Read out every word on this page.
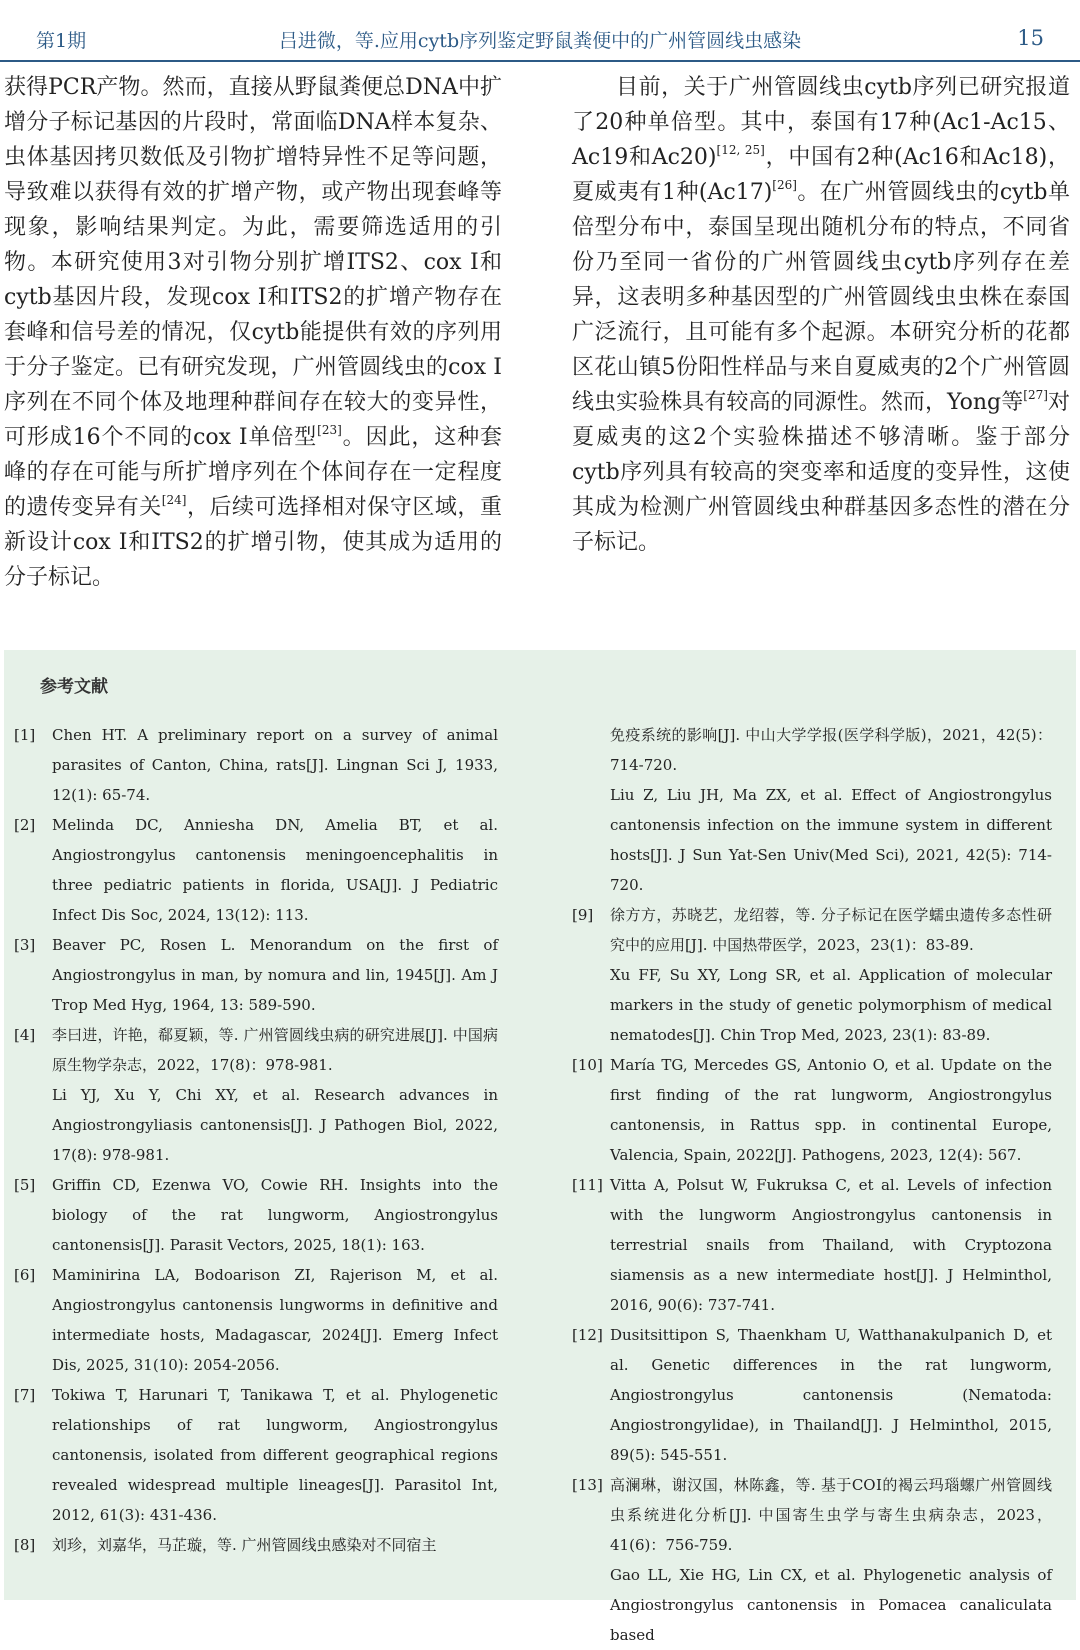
第1期	吕进微，等.应用cytb序列鉴定野鼠粪便中的广州管圆线虫感染	15

获得PCR产物。然而，直接从野鼠粪便总DNA中扩增分子标记基因的片段时，常面临DNA样本复杂、虫体基因拷贝数低及引物扩增特异性不足等问题，导致难以获得有效的扩增产物，或产物出现套峰等现象，影响结果判定。为此，需要筛选适用的引物。本研究使用3对引物分别扩增ITS2、cox I和cytb基因片段，发现cox I和ITS2的扩增产物存在套峰和信号差的情况，仅cytb能提供有效的序列用于分子鉴定。已有研究发现，广州管圆线虫的cox I序列在不同个体及地理种群间存在较大的变异性，可形成16个不同的cox I单倍型[23]。因此，这种套峰的存在可能与所扩增序列在个体间存在一定程度的遗传变异有关[24]，后续可选择相对保守区域，重新设计cox I和ITS2的扩增引物，使其成为适用的分子标记。

目前，关于广州管圆线虫cytb序列已研究报道了20种单倍型。其中，泰国有17种(Ac1-Ac15、Ac19和Ac20)[12, 25]，中国有2种(Ac16和Ac18)，夏威夷有1种(Ac17)[26]。在广州管圆线虫的cytb单倍型分布中，泰国呈现出随机分布的特点，不同省份乃至同一省份的广州管圆线虫cytb序列存在差异，这表明多种基因型的广州管圆线虫虫株在泰国广泛流行，且可能有多个起源。本研究分析的花都区花山镇5份阳性样品与来自夏威夷的2个广州管圆线虫实验株具有较高的同源性。然而，Yong等[27]对夏威夷的这2个实验株描述不够清晰。鉴于部分cytb序列具有较高的突变率和适度的变异性，这使其成为检测广州管圆线虫种群基因多态性的潜在分子标记。

参考文献
[1]	Chen HT. A preliminary report on a survey of animal parasites of Canton, China, rats[J]. Lingnan Sci J, 1933, 12(1): 65-74.
[2]	Melinda DC, Anniesha DN, Amelia BT, et al. Angiostrongylus cantonensis meningoencephalitis in three pediatric patients in florida, USA[J]. J Pediatric Infect Dis Soc, 2024, 13(12): 113.
[3]	Beaver PC, Rosen L. Menorandum on the first of Angiostrongylus in man, by nomura and lin, 1945[J]. Am J Trop Med Hyg, 1964, 13: 589-590.
[4]	李曰进，许艳，郗夏颖，等. 广州管圆线虫病的研究进展[J]. 中国病原生物学杂志，2022，17(8)：978-981.
Li YJ, Xu Y, Chi XY, et al. Research advances in Angiostrongyliasis cantonensis[J]. J Pathogen Biol, 2022, 17(8): 978-981.
[5]	Griffin CD, Ezenwa VO, Cowie RH. Insights into the biology of the rat lungworm, Angiostrongylus cantonensis[J]. Parasit Vectors, 2025, 18(1): 163.
[6]	Maminirina LA, Bodoarison ZI, Rajerison M, et al. Angiostrongylus cantonensis lungworms in definitive and intermediate hosts, Madagascar, 2024[J]. Emerg Infect Dis, 2025, 31(10): 2054-2056.
[7]	Tokiwa T, Harunari T, Tanikawa T, et al. Phylogenetic relationships of rat lungworm, Angiostrongylus cantonensis, isolated from different geographical regions revealed widespread multiple lineages[J]. Parasitol Int, 2012, 61(3): 431-436.
[8]	刘珍，刘嘉华，马芷璇，等. 广州管圆线虫感染对不同宿主
免疫系统的影响[J]. 中山大学学报(医学科学版)，2021，42(5)：714-720.
Liu Z, Liu JH, Ma ZX, et al. Effect of Angiostrongylus cantonensis infection on the immune system in different hosts[J]. J Sun Yat-Sen Univ(Med Sci), 2021, 42(5): 714-720.
[9]	徐方方，苏晓艺，龙绍蓉，等. 分子标记在医学蠕虫遗传多态性研究中的应用[J]. 中国热带医学，2023，23(1)：83-89.
Xu FF, Su XY, Long SR, et al. Application of molecular markers in the study of genetic polymorphism of medical nematodes[J]. Chin Trop Med, 2023, 23(1): 83-89.
[10] María TG, Mercedes GS, Antonio O, et al. Update on the first finding of the rat lungworm, Angiostrongylus cantonensis, in Rattus spp. in continental Europe, Valencia, Spain, 2022[J]. Pathogens, 2023, 12(4): 567.
[11] Vitta A, Polsut W, Fukruksa C, et al. Levels of infection with the lungworm Angiostrongylus cantonensis in terrestrial snails from Thailand, with Cryptozona siamensis as a new intermediate host[J]. J Helminthol, 2016, 90(6): 737-741.
[12] Dusitsittipon S, Thaenkham U, Watthanakulpanich D, et al. Genetic differences in the rat lungworm, Angiostrongylus cantonensis (Nematoda: Angiostrongylidae), in Thailand[J]. J Helminthol, 2015, 89(5): 545-551.
[13] 高澜琳，谢汉国，林陈鑫，等. 基于COⅠ的褐云玛瑙螺广州管圆线虫系统进化分析[J]. 中国寄生虫学与寄生虫病杂志，2023，41(6)：756-759.
Gao LL, Xie HG, Lin CX, et al. Phylogenetic analysis of Angiostrongylus cantonensis in Pomacea canaliculata based
